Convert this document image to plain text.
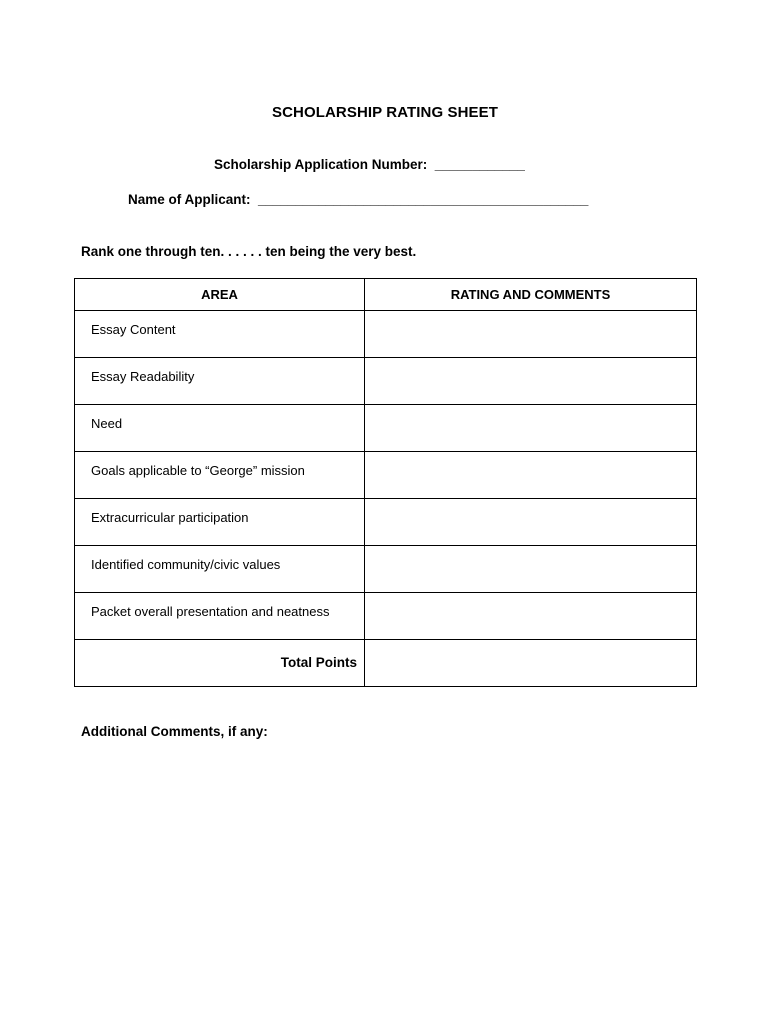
SCHOLARSHIP RATING SHEET
Scholarship Application Number:  ____________
Name of Applicant:  ____________________________________________
Rank one through ten. . . . . . ten being the very best.
AREA	RATING AND COMMENTS

Essay Content	

Essay Readability	

Need	

Goals applicable to “George” mission	

Extracurricular participation	

Identified community/civic values	

Packet overall presentation and neatness	

Total Points	

Additional Comments, if any:
